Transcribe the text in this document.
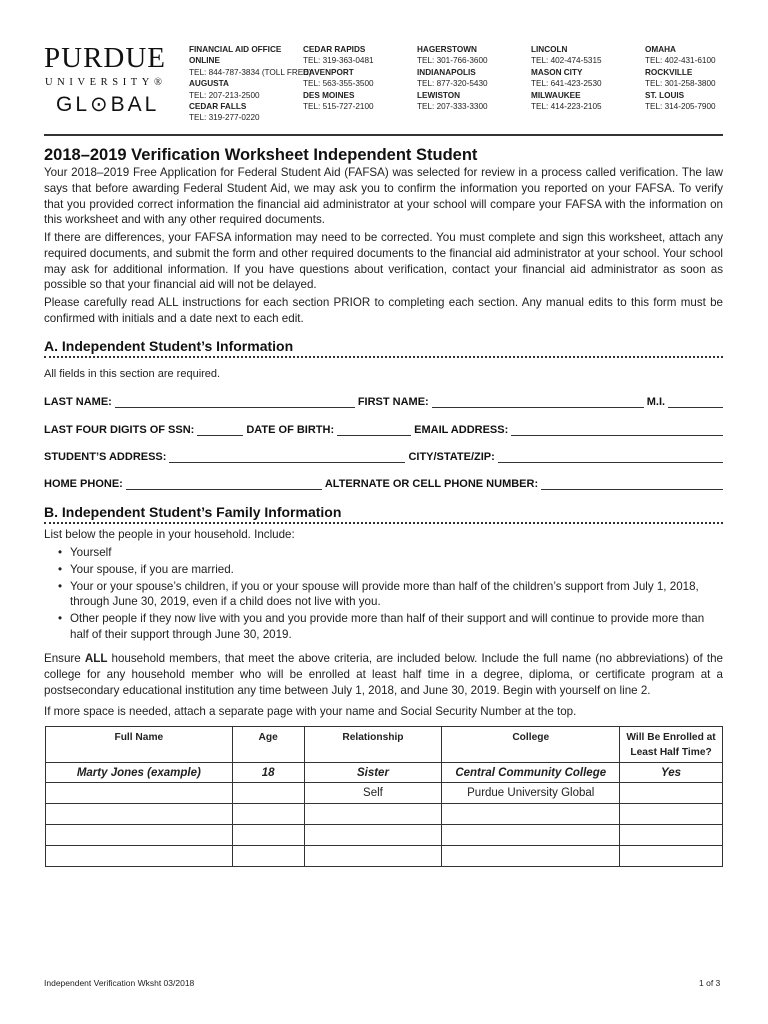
PURDUE
UNIVERSITY®
GL⊙BAL
FINANCIAL AID OFFICE
ONLINE
TEL: 844-787-3834 (TOLL FREE)
AUGUSTA
TEL: 207-213-2500
CEDAR FALLS
TEL: 319-277-0220
CEDAR RAPIDS
TEL: 319-363-0481
DAVENPORT
TEL: 563-355-3500
DES MOINES
TEL: 515-727-2100
HAGERSTOWN
TEL: 301-766-3600
INDIANAPOLIS
TEL: 877-320-5430
LEWISTON
TEL: 207-333-3300
LINCOLN
TEL: 402-474-5315
MASON CITY
TEL: 641-423-2530
MILWAUKEE
TEL: 414-223-2105
OMAHA
TEL: 402-431-6100
ROCKVILLE
TEL: 301-258-3800
ST. LOUIS
TEL: 314-205-7900
2018–2019 Verification Worksheet Independent Student
Your 2018–2019 Free Application for Federal Student Aid (FAFSA) was selected for review in a process called verification. The law says that before awarding Federal Student Aid, we may ask you to confirm the information you reported on your FAFSA. To verify that you provided correct information the financial aid administrator at your school will compare your FAFSA with the information on this worksheet and with any other required documents.
If there are differences, your FAFSA information may need to be corrected. You must complete and sign this worksheet, attach any required documents, and submit the form and other required documents to the financial aid administrator at your school. Your school may ask for additional information. If you have questions about verification, contact your financial aid administrator as soon as possible so that your financial aid will not be delayed.
Please carefully read ALL instructions for each section PRIOR to completing each section. Any manual edits to this form must be confirmed with initials and a date next to each edit.
A. Independent Student’s Information
All fields in this section are required.
LAST NAME:	FIRST NAME:	M.I.
LAST FOUR DIGITS OF SSN:	DATE OF BIRTH:	EMAIL ADDRESS:
STUDENT’S ADDRESS:	CITY/STATE/ZIP:
HOME PHONE:	ALTERNATE OR CELL PHONE NUMBER:
B. Independent Student’s Family Information
List below the people in your household. Include:
• Yourself
• Your spouse, if you are married.
• Your or your spouse’s children, if you or your spouse will provide more than half of the children’s support from July 1, 2018, through June 30, 2019, even if a child does not live with you.
• Other people if they now live with you and you provide more than half of their support and will continue to provide more than half of their support through June 30, 2019.
Ensure ALL household members, that meet the above criteria, are included below. Include the full name (no abbreviations) of the college for any household member who will be enrolled at least half time in a degree, diploma, or certificate program at a postsecondary educational institution any time between July 1, 2018, and June 30, 2019. Begin with yourself on line 2.
If more space is needed, attach a separate page with your name and Social Security Number at the top.
Full Name	Age	Relationship	College	Will Be Enrolled at Least Half Time?
Marty Jones (example)	18	Sister	Central Community College	Yes
		Self	Purdue University Global	

Independent Verification Wksht 03/2018	1 of 3
